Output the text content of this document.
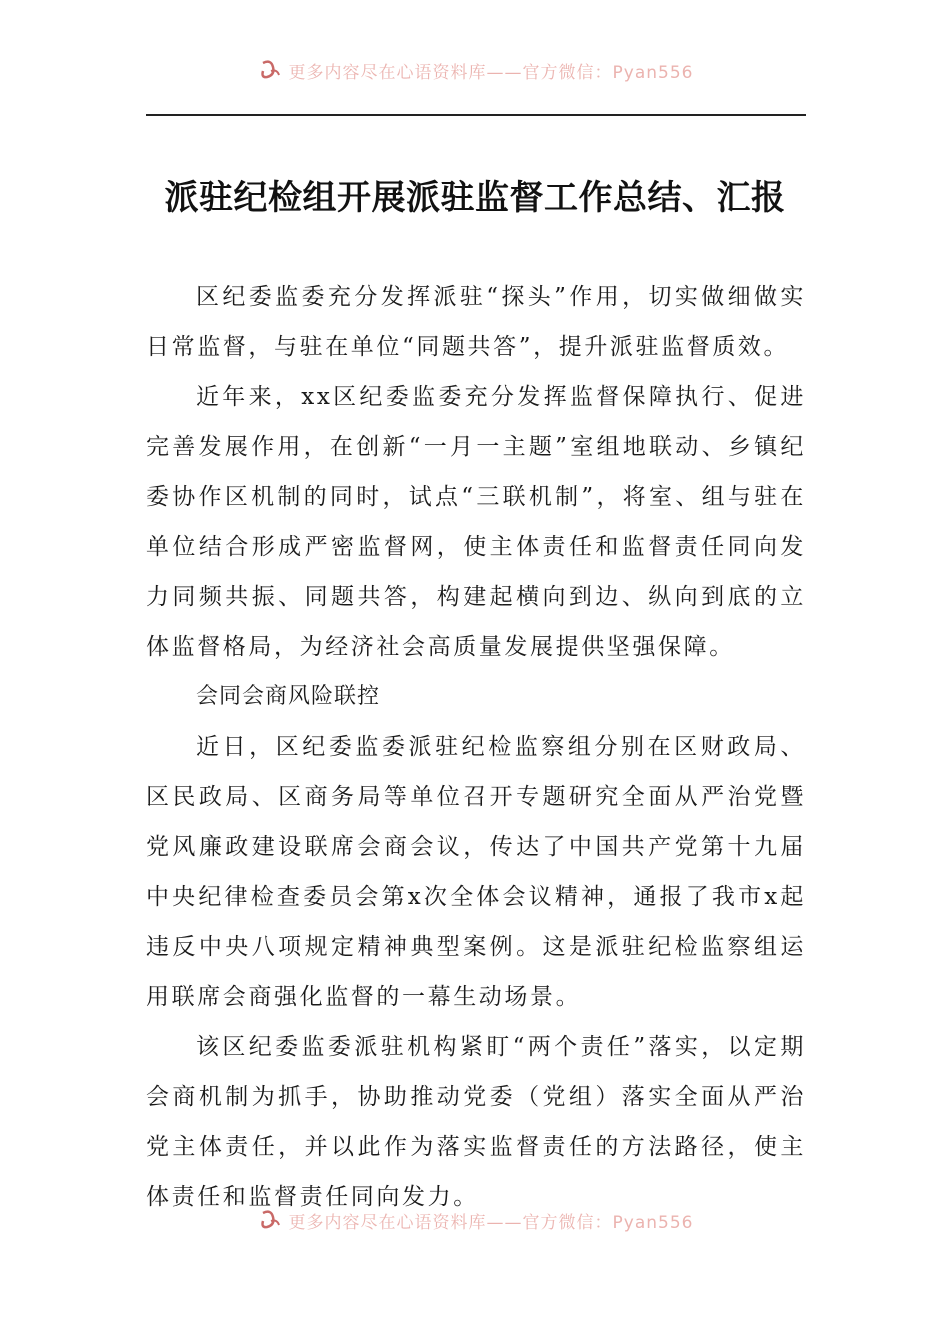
更多内容尽在心语资料库——官方微信：Pyan556
派驻纪检组开展派驻监督工作总结、汇报

区纪委监委充分发挥派驻“探头”作用，切实做细做实日常监督，与驻在单位“同题共答”，提升派驻监督质效。

近年来，xx区纪委监委充分发挥监督保障执行、促进完善发展作用，在创新“一月一主题”室组地联动、乡镇纪委协作区机制的同时，试点“三联机制”，将室、组与驻在单位结合形成严密监督网，使主体责任和监督责任同向发力同频共振、同题共答，构建起横向到边、纵向到底的立体监督格局，为经济社会高质量发展提供坚强保障。

会同会商风险联控

近日，区纪委监委派驻纪检监察组分别在区财政局、区民政局、区商务局等单位召开专题研究全面从严治党暨党风廉政建设联席会商会议，传达了中国共产党第十九届中央纪律检查委员会第x次全体会议精神，通报了我市x起违反中央八项规定精神典型案例。这是派驻纪检监察组运用联席会商强化监督的一幕生动场景。

该区纪委监委派驻机构紧盯“两个责任”落实，以定期会商机制为抓手，协助推动党委（党组）落实全面从严治党主体责任，并以此作为落实监督责任的方法路径，使主体责任和监督责任同向发力。

更多内容尽在心语资料库——官方微信：Pyan556
